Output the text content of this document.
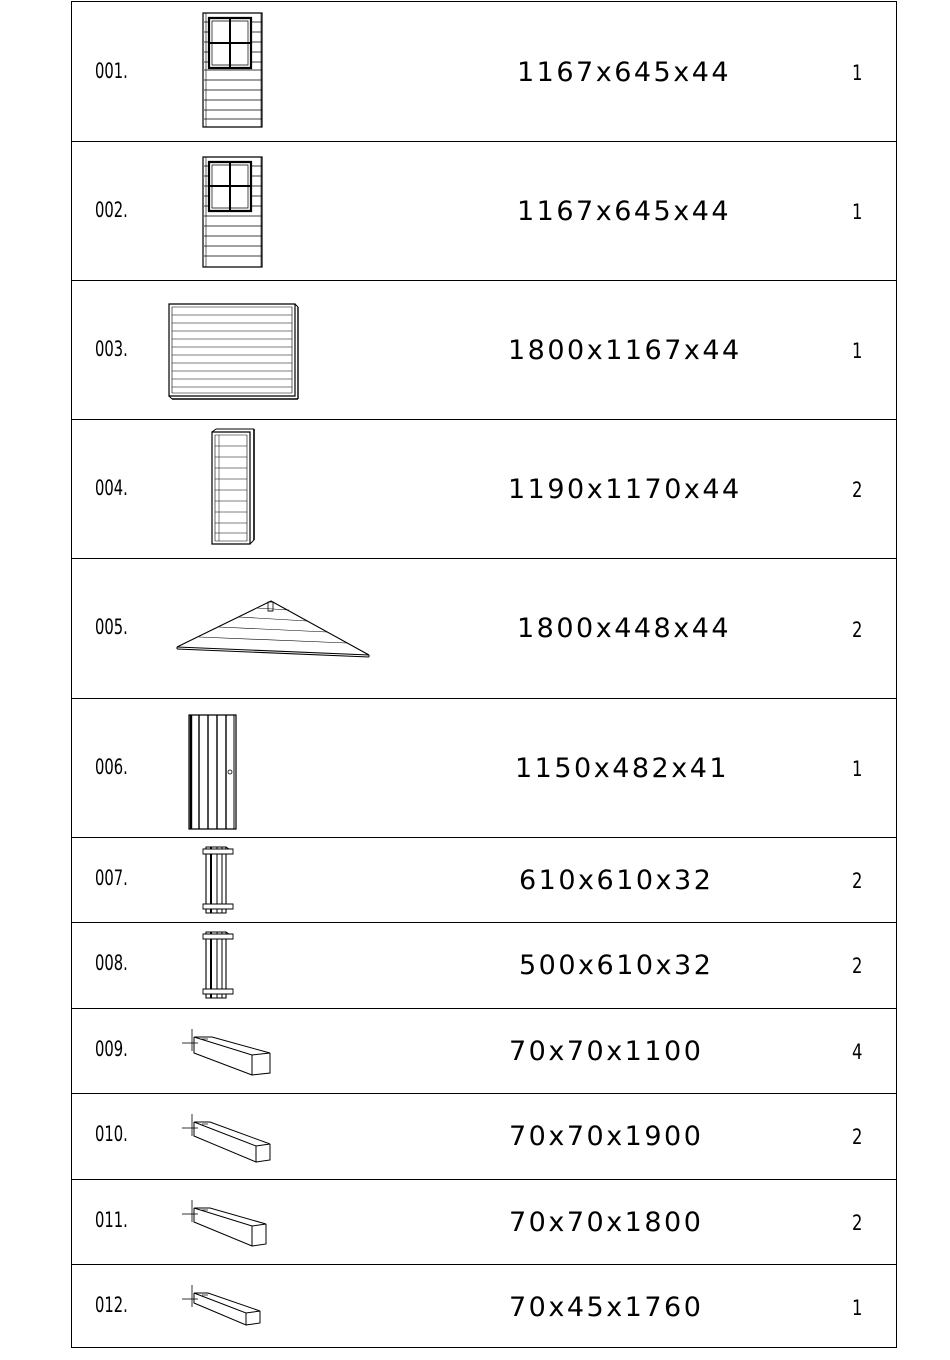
001.	1167x645x44	1
002.	1167x645x44	1
003.	1800x1167x44	1
004.	1190x1170x44	2
005.	1800x448x44	2
006.	1150x482x41	1
007.	610x610x32	2
008.	500x610x32	2
009.	70x70x1100	4
010.	70x70x1900	2
011.	70x70x1800	2
012.	70x45x1760	1
